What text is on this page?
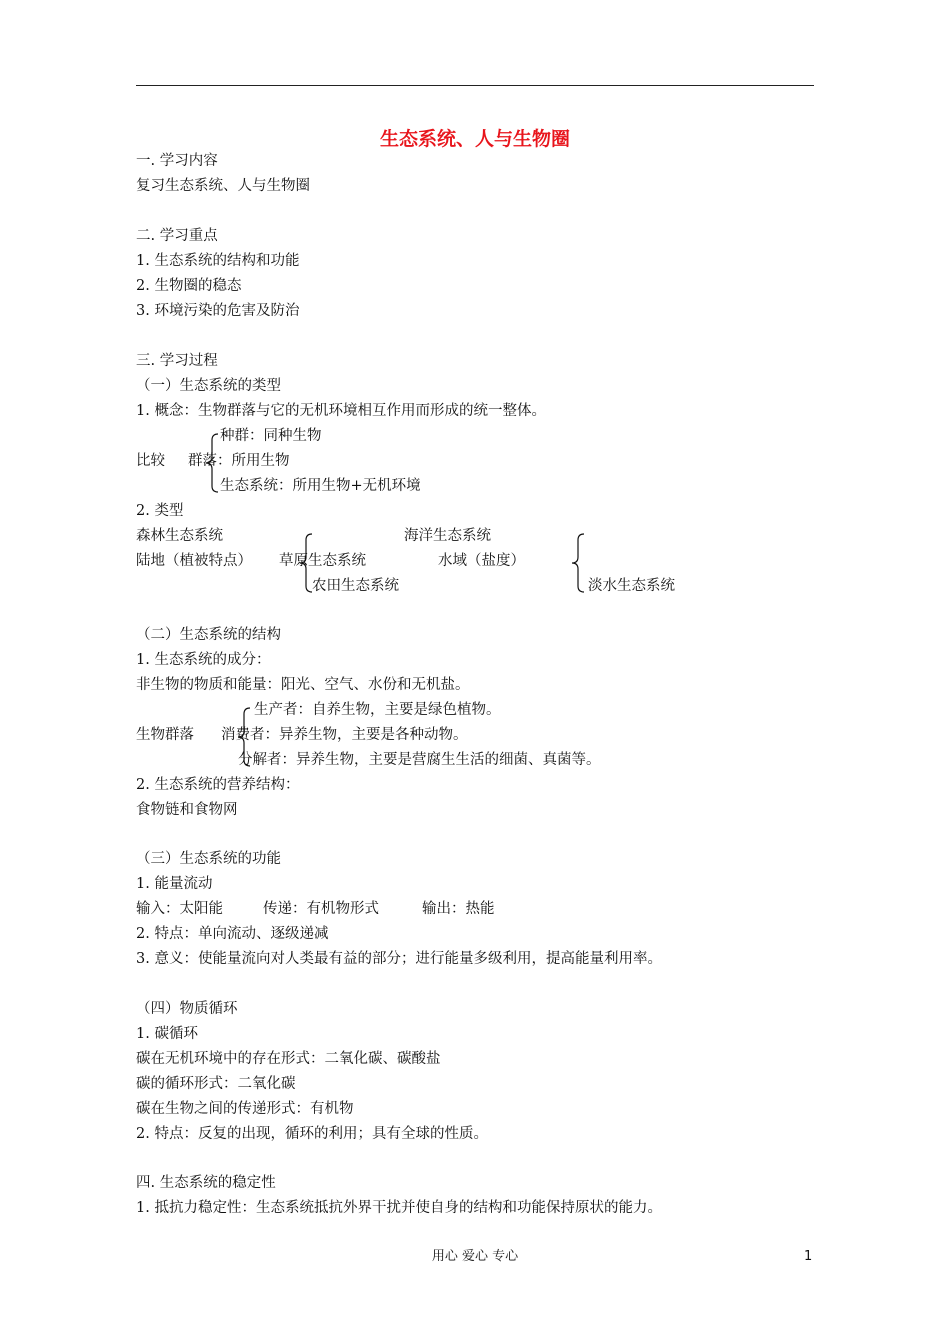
生态系统、人与生物圈
一. 学习内容
复习生态系统、人与生物圈
二. 学习重点
1. 生态系统的结构和功能
2. 生物圈的稳态
3. 环境污染的危害及防治
三. 学习过程
（一）生态系统的类型
1. 概念：生物群落与它的无机环境相互作用而形成的统一整体。
比较
种群：同种生物
群落：所用生物
生态系统：所用生物+无机环境
2. 类型
森林生态系统
陆地（植被特点） 草原生态系统
农田生态系统
海洋生态系统
水域（盐度）
淡水生态系统
（二）生态系统的结构
1. 生态系统的成分：
非生物的物质和能量：阳光、空气、水份和无机盐。
生物群落
生产者：自养生物，主要是绿色植物。
消费者：异养生物，主要是各种动物。
分解者：异养生物，主要是营腐生生活的细菌、真菌等。
2. 生态系统的营养结构：
食物链和食物网
（三）生态系统的功能
1. 能量流动
输入：太阳能	传递：有机物形式	输出：热能
2. 特点：单向流动、逐级递减
3. 意义：使能量流向对人类最有益的部分；进行能量多级利用，提高能量利用率。
（四）物质循环
1. 碳循环
碳在无机环境中的存在形式：二氧化碳、碳酸盐
碳的循环形式：二氧化碳
碳在生物之间的传递形式：有机物
2. 特点：反复的出现，循环的利用；具有全球的性质。
四. 生态系统的稳定性
1. 抵抗力稳定性：生态系统抵抗外界干扰并使自身的结构和功能保持原状的能力。
用心 爱心 专心	1
